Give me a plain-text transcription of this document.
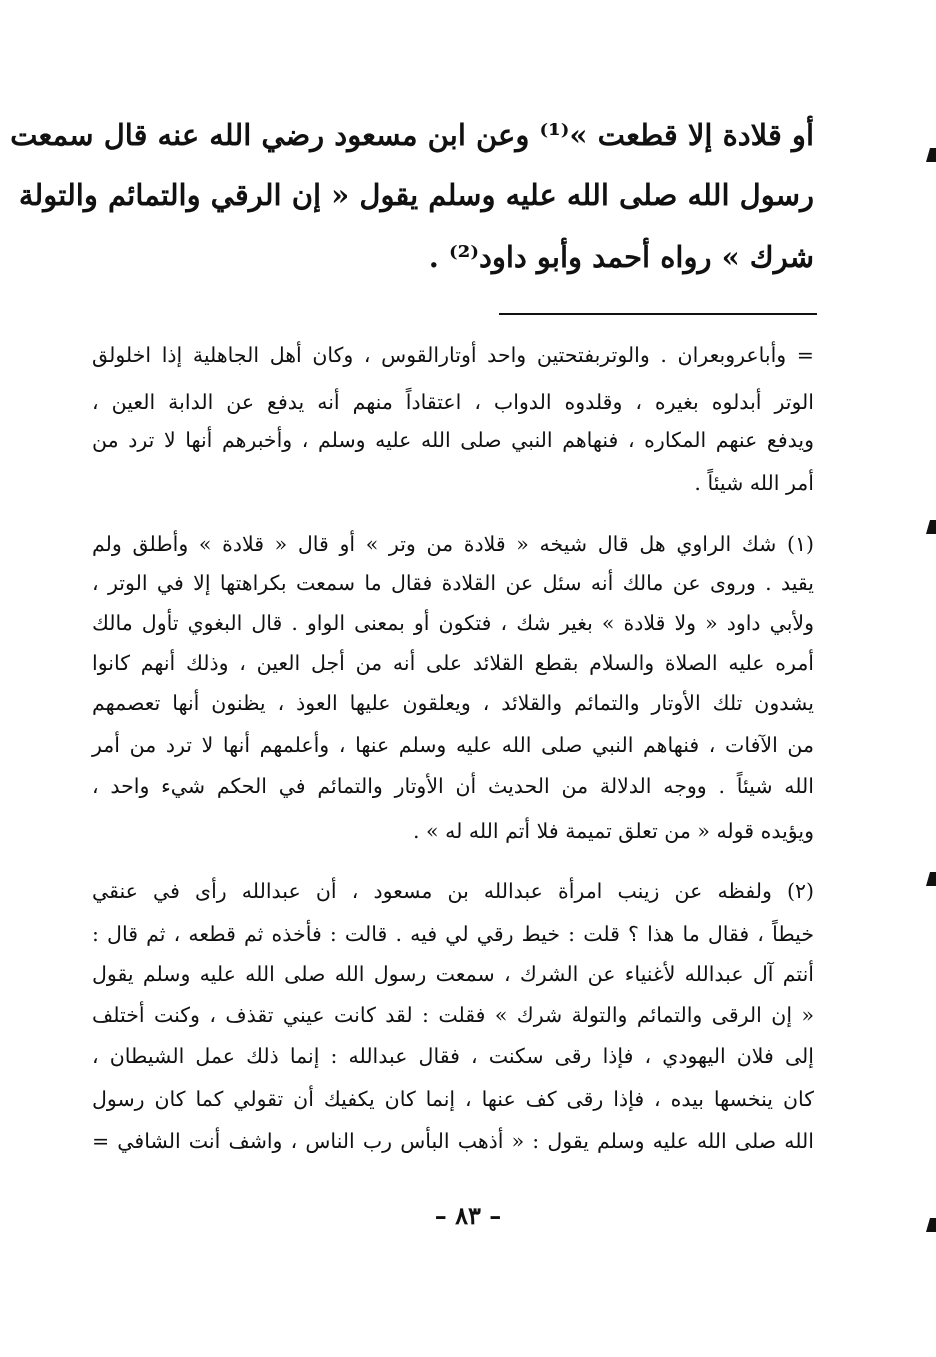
أو قلادة إلا قطعت »⁽¹⁾ وعن ابن مسعود رضي الله عنه قال سمعت
رسول الله صلى الله عليه وسلم يقول « إن الرقي والتمائم والتولة
شرك » رواه أحمد وأبو داود⁽²⁾ .
= وأباعروبعران . والوتربفتحتين واحد أوتارالقوس ، وكان أهل الجاهلية إذا اخلولق
الوتر أبدلوه بغيره ، وقلدوه الدواب ، اعتقاداً منهم أنه يدفع عن الدابة العين ،
ويدفع عنهم المكاره ، فنهاهم النبي صلى الله عليه وسلم ، وأخبرهم أنها لا ترد من
أمر الله شيئاً .
(١) شك الراوي هل قال شيخه « قلادة من وتر » أو قال « قلادة » وأطلق ولم
يقيد . وروى عن مالك أنه سئل عن القلادة فقال ما سمعت بكراهتها إلا في الوتر ،
ولأبي داود « ولا قلادة » بغير شك ، فتكون أو بمعنى الواو . قال البغوي تأول مالك
أمره عليه الصلاة والسلام بقطع القلائد على أنه من أجل العين ، وذلك أنهم كانوا
يشدون تلك الأوتار والتمائم والقلائد ، ويعلقون عليها العوذ ، يظنون أنها تعصمهم
من الآفات ، فنهاهم النبي صلى الله عليه وسلم عنها ، وأعلمهم أنها لا ترد من أمر
الله شيئاً . ووجه الدلالة من الحديث أن الأوتار والتمائم في الحكم شيء واحد ،
ويؤيده قوله « من تعلق تميمة فلا أتم الله له » .
(٢) ولفظه عن زينب امرأة عبدالله بن مسعود ، أن عبدالله رأى في عنقي
خيطاً ، فقال ما هذا ؟ قلت : خيط رقي لي فيه . قالت : فأخذه ثم قطعه ، ثم قال :
أنتم آل عبدالله لأغنياء عن الشرك ، سمعت رسول الله صلى الله عليه وسلم يقول
« إن الرقى والتمائم والتولة شرك » فقلت : لقد كانت عيني تقذف ، وكنت أختلف
إلى فلان اليهودي ، فإذا رقى سكنت ، فقال عبدالله : إنما ذلك عمل الشيطان ،
كان ينخسها بيده ، فإذا رقى كف عنها ، إنما كان يكفيك أن تقولي كما كان رسول
الله صلى الله عليه وسلم يقول : « أذهب البأس رب الناس ، واشف أنت الشافي =
– ٨٣ –
